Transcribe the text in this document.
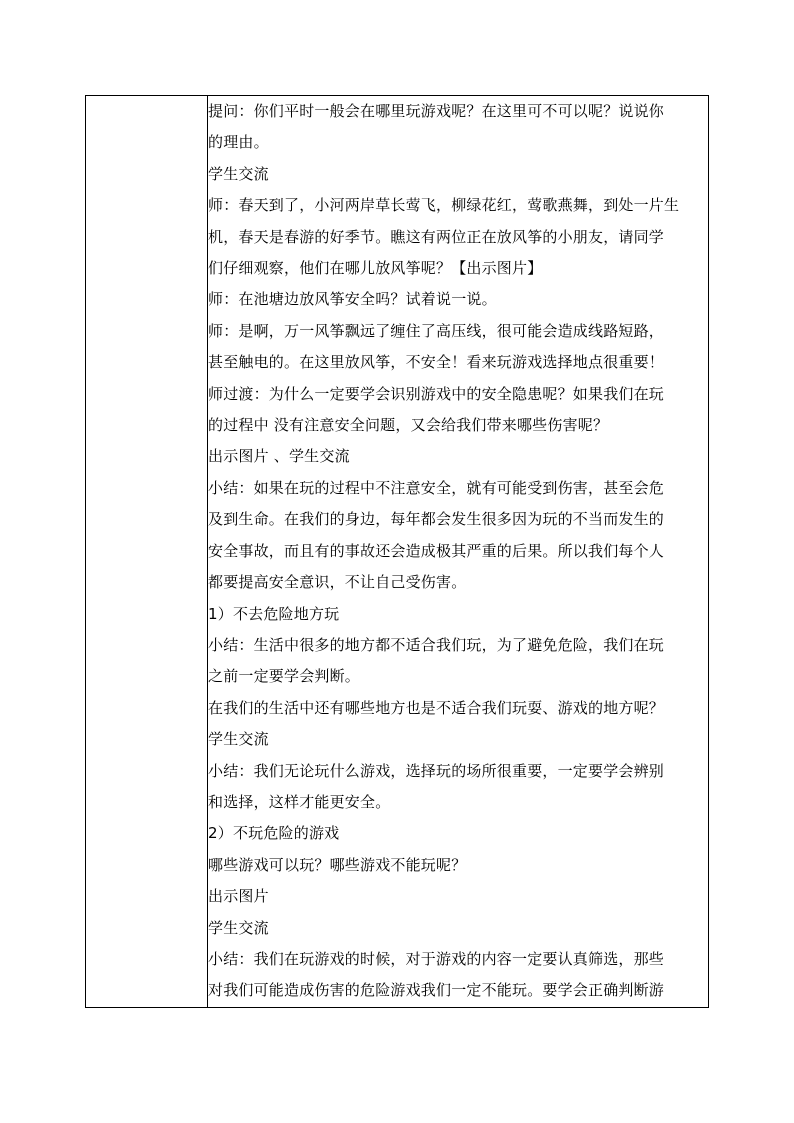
提问：你们平时一般会在哪里玩游戏呢？在这里可不可以呢？说说你
的理由。
学生交流
师：春天到了，小河两岸草长莺飞，柳绿花红，莺歌燕舞，到处一片生
机，春天是春游的好季节。瞧这有两位正在放风筝的小朋友，请同学
们仔细观察，他们在哪儿放风筝呢？【出示图片】
师：在池塘边放风筝安全吗？试着说一说。
师：是啊，万一风筝飘远了缠住了高压线，很可能会造成线路短路，
甚至触电的。在这里放风筝，不安全！看来玩游戏选择地点很重要！
师过渡：为什么一定要学会识别游戏中的安全隐患呢？如果我们在玩
的过程中 没有注意安全问题，又会给我们带来哪些伤害呢？
出示图片 、学生交流
小结：如果在玩的过程中不注意安全，就有可能受到伤害，甚至会危
及到生命。在我们的身边，每年都会发生很多因为玩的不当而发生的
安全事故，而且有的事故还会造成极其严重的后果。所以我们每个人
都要提高安全意识，不让自己受伤害。
1）不去危险地方玩
小结：生活中很多的地方都不适合我们玩，为了避免危险，我们在玩
之前一定要学会判断。
在我们的生活中还有哪些地方也是不适合我们玩耍、游戏的地方呢？
学生交流
小结：我们无论玩什么游戏，选择玩的场所很重要，一定要学会辨别
和选择，这样才能更安全。
2）不玩危险的游戏
哪些游戏可以玩？哪些游戏不能玩呢？
出示图片
学生交流
小结：我们在玩游戏的时候，对于游戏的内容一定要认真筛选，那些
对我们可能造成伤害的危险游戏我们一定不能玩。要学会正确判断游
